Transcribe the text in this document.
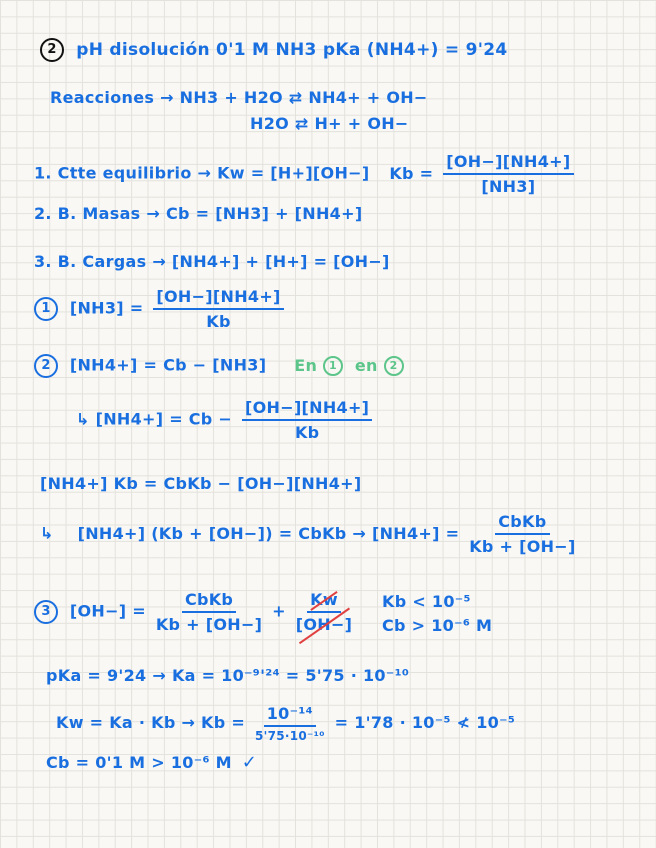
2 pH disolución 0'1 M NH3 pKa (NH4+) = 9'24
Reacciones → NH3 + H2O ⇄ NH4+ + OH−
H2O ⇄ H+ + OH−
1. Ctte equilibrio → Kw = [H+][OH−] $Kb = \frac{[OH-][NH4+]}{[NH3]}$
2. B. Masas → Cb = [NH3] + [NH4+]
3. B. Cargas → [NH4+] + [H+] = [OH−]
1 $[NH3] = \frac{[OH-][NH4+]}{Kb}$
2 [NH4+] = Cb − [NH3] En 1 en 2
↳ $[NH4+] = Cb - \frac{[OH-][NH4+]}{Kb}$
[NH4+] Kb = CbKb − [OH−][NH4+]
↳ [NH4+] (Kb + [OH−]) = CbKb → $[NH4+] = \frac{\text{CbKb}}{Kb + [OH-]}$
3 $[OH-] = \frac{\text{CbKb}}{Kb + [OH-]} + \frac{Kw}{[OH-]}$ Kb < 10⁻⁵
Cb > 10⁻⁶ M
pKa = 9'24 → Ka = 10⁻⁹'²⁴ = 5'75 · 10⁻¹⁰
$Kw = Ka \cdot Kb \to Kb = \frac{\text{10⁻¹⁴}}{\text{5'75·10⁻¹⁰}} = 1'78 \cdot 10^{-5}$ ≮ 10⁻⁵
Cb = 0'1 M > 10⁻⁶ M ✓
